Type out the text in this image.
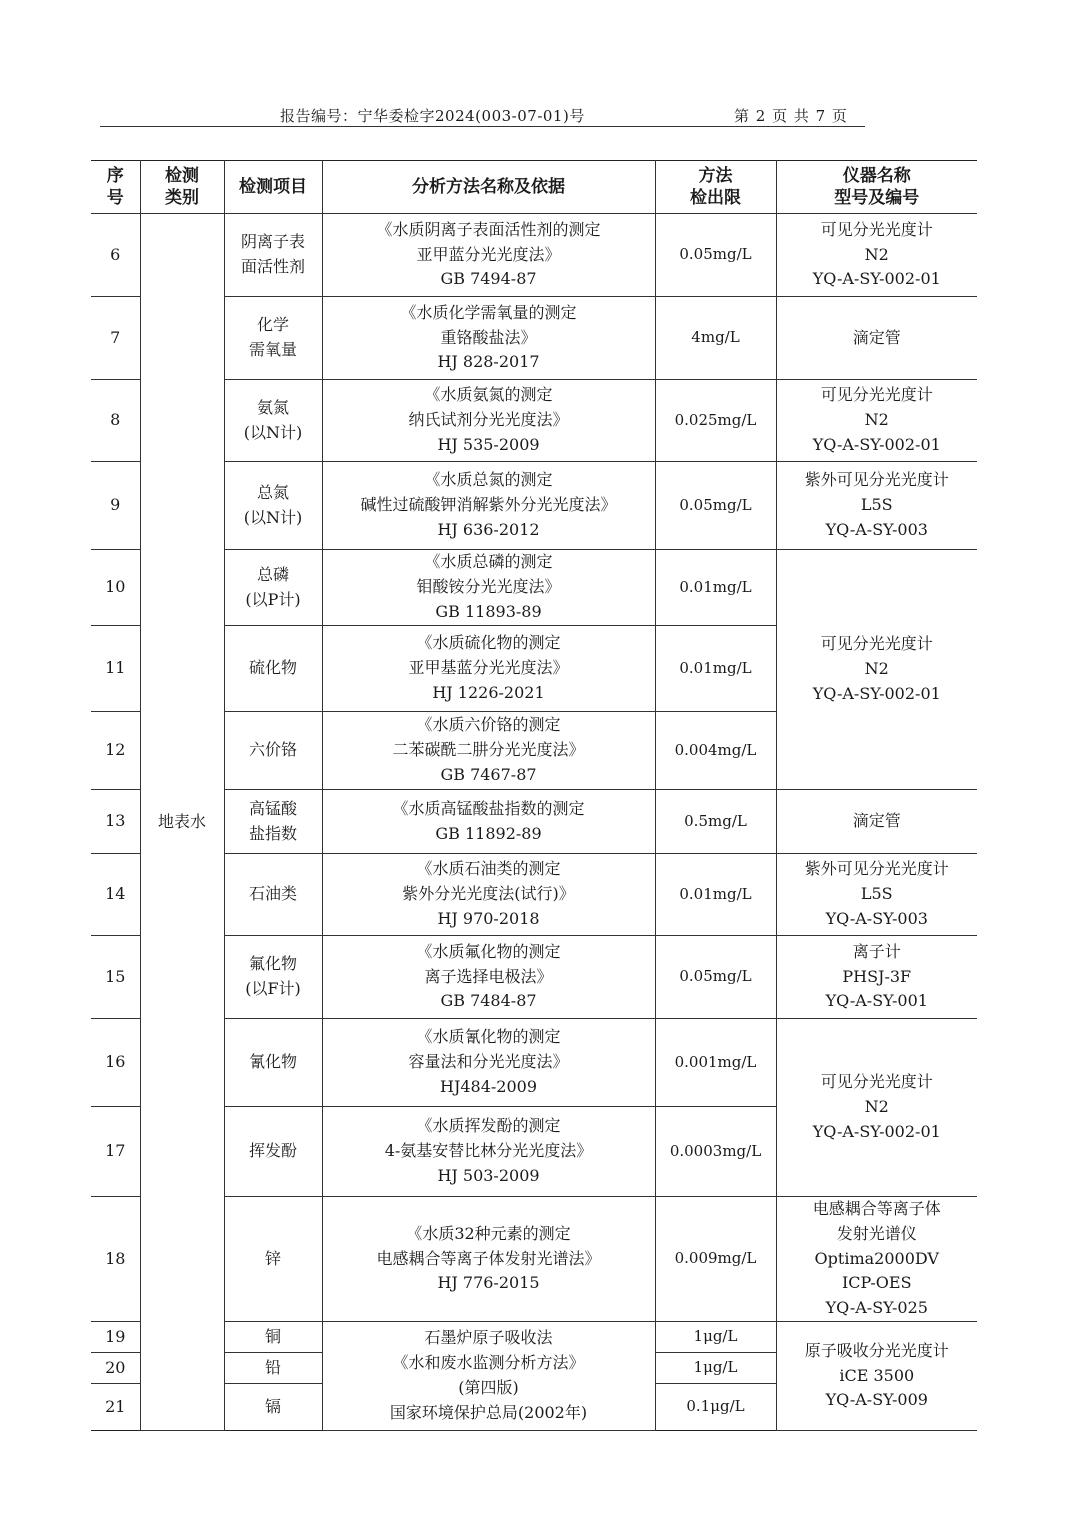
报告编号：宁华委检字2024(003-07-01)号	第 2 页 共 7 页
序
号	检测
类别	检测项目	分析方法名称及依据	方法
检出限	仪器名称
型号及编号

6	地表水	阴离子表
面活性剂	《水质阴离子表面活性剂的测定
亚甲蓝分光光度法》
GB 7494-87	0.05mg/L	可见分光光度计
N2
YQ-A-SY-002-01

7		化学
需氧量	《水质化学需氧量的测定
重铬酸盐法》
HJ 828-2017	4mg/L	滴定管

8		氨氮
(以N计)	《水质氨氮的测定
纳氏试剂分光光度法》
HJ 535-2009	0.025mg/L	可见分光光度计
N2
YQ-A-SY-002-01

9		总氮
(以N计)	《水质总氮的测定
碱性过硫酸钾消解紫外分光光度法》
HJ 636-2012	0.05mg/L	紫外可见分光光度计
L5S
YQ-A-SY-003

10		总磷
(以P计)	《水质总磷的测定
钼酸铵分光光度法》
GB 11893-89	0.01mg/L	可见分光光度计
N2
YQ-A-SY-002-01

11		硫化物	《水质硫化物的测定
亚甲基蓝分光光度法》
HJ 1226-2021	0.01mg/L	
12		六价铬	《水质六价铬的测定
二苯碳酰二肼分光光度法》
GB 7467-87	0.004mg/L	
13		高锰酸
盐指数	《水质高锰酸盐指数的测定
GB 11892-89	0.5mg/L	滴定管

14		石油类	《水质石油类的测定
紫外分光光度法(试行)》
HJ 970-2018	0.01mg/L	紫外可见分光光度计
L5S
YQ-A-SY-003

15		氟化物
(以F计)	《水质氟化物的测定
离子选择电极法》
GB 7484-87	0.05mg/L	离子计
PHSJ-3F
YQ-A-SY-001

16		氰化物	《水质氰化物的测定
容量法和分光光度法》
HJ484-2009	0.001mg/L	可见分光光度计
N2
YQ-A-SY-002-01

17		挥发酚	《水质挥发酚的测定
4-氨基安替比林分光光度法》
HJ 503-2009	0.0003mg/L	
18		锌	《水质32种元素的测定
电感耦合等离子体发射光谱法》
HJ 776-2015	0.009mg/L	电感耦合等离子体
发射光谱仪
Optima2000DV
ICP-OES
YQ-A-SY-025

19		铜	石墨炉原子吸收法
《水和废水监测分析方法》
(第四版)
国家环境保护总局(2002年)	1μg/L	原子吸收分光光度计
iCE 3500
YQ-A-SY-009

20		铅		1μg/L	
21		镉		0.1μg/L	
